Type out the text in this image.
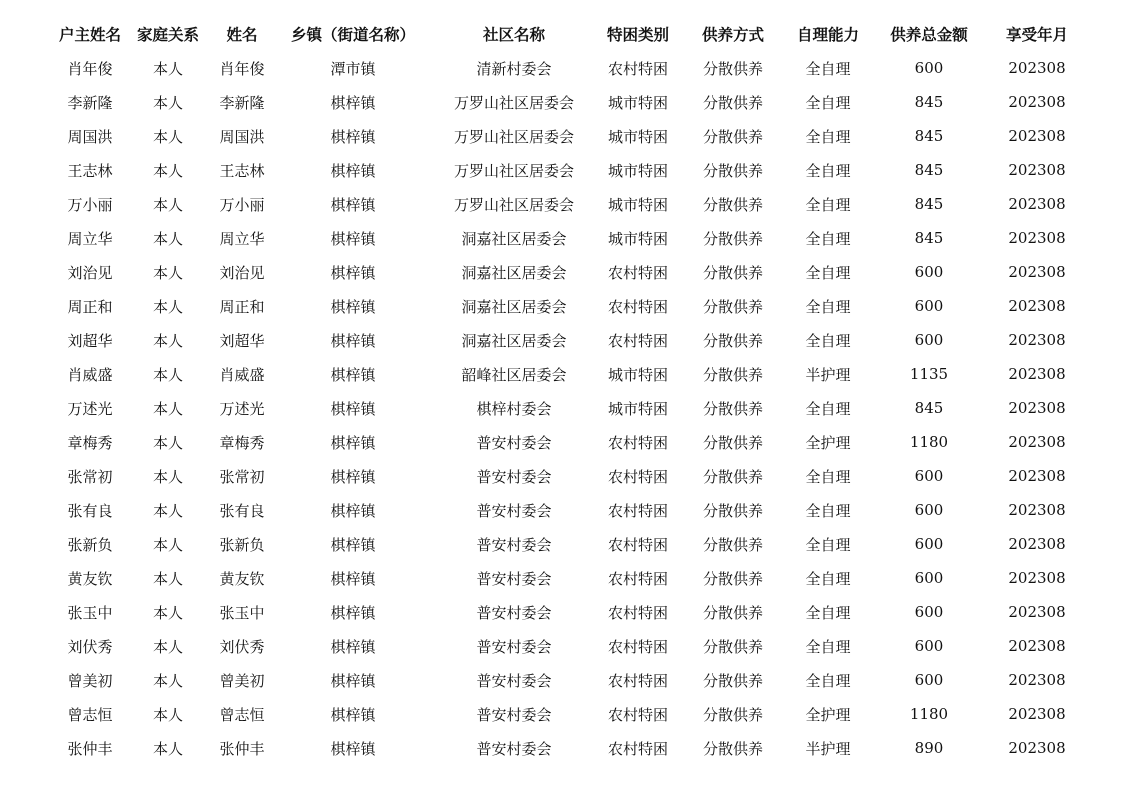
户主姓名	家庭关系	姓名	乡镇（街道名称）	社区名称	特困类别	供养方式	自理能力	供养总金额	享受年月
肖年俊	本人	肖年俊	潭市镇	清新村委会	农村特困	分散供养	全自理	600	202308
李新隆	本人	李新隆	棋梓镇	万罗山社区居委会	城市特困	分散供养	全自理	845	202308
周国洪	本人	周国洪	棋梓镇	万罗山社区居委会	城市特困	分散供养	全自理	845	202308
王志林	本人	王志林	棋梓镇	万罗山社区居委会	城市特困	分散供养	全自理	845	202308
万小丽	本人	万小丽	棋梓镇	万罗山社区居委会	城市特困	分散供养	全自理	845	202308
周立华	本人	周立华	棋梓镇	洞嘉社区居委会	城市特困	分散供养	全自理	845	202308
刘治见	本人	刘治见	棋梓镇	洞嘉社区居委会	农村特困	分散供养	全自理	600	202308
周正和	本人	周正和	棋梓镇	洞嘉社区居委会	农村特困	分散供养	全自理	600	202308
刘超华	本人	刘超华	棋梓镇	洞嘉社区居委会	农村特困	分散供养	全自理	600	202308
肖威盛	本人	肖威盛	棋梓镇	韶峰社区居委会	城市特困	分散供养	半护理	1135	202308
万述光	本人	万述光	棋梓镇	棋梓村委会	城市特困	分散供养	全自理	845	202308
章梅秀	本人	章梅秀	棋梓镇	普安村委会	农村特困	分散供养	全护理	1180	202308
张常初	本人	张常初	棋梓镇	普安村委会	农村特困	分散供养	全自理	600	202308
张有良	本人	张有良	棋梓镇	普安村委会	农村特困	分散供养	全自理	600	202308
张新负	本人	张新负	棋梓镇	普安村委会	农村特困	分散供养	全自理	600	202308
黄友钦	本人	黄友钦	棋梓镇	普安村委会	农村特困	分散供养	全自理	600	202308
张玉中	本人	张玉中	棋梓镇	普安村委会	农村特困	分散供养	全自理	600	202308
刘伏秀	本人	刘伏秀	棋梓镇	普安村委会	农村特困	分散供养	全自理	600	202308
曾美初	本人	曾美初	棋梓镇	普安村委会	农村特困	分散供养	全自理	600	202308
曾志恒	本人	曾志恒	棋梓镇	普安村委会	农村特困	分散供养	全护理	1180	202308
张仲丰	本人	张仲丰	棋梓镇	普安村委会	农村特困	分散供养	半护理	890	202308
